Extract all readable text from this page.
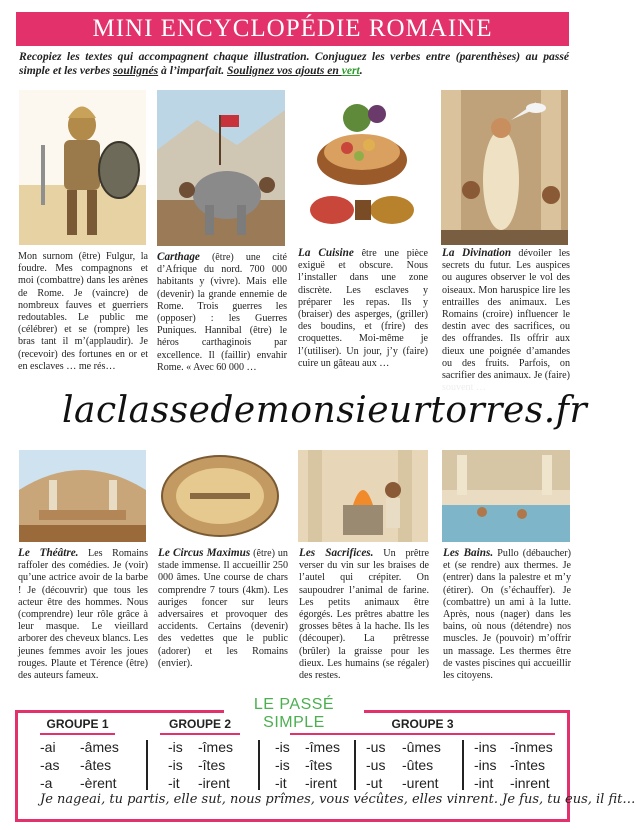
MINI ENCYCLOPÉDIE ROMAINE
Recopiez les textes qui accompagnent chaque illustration. Conjuguez les verbes entre (parenthèses) au passé simple et les verbes soulignés à l’imparfait. Soulignez vos ajouts en vert.
Mon surnom (être) Fulgur, la foudre. Mes compagnons et moi (combattre) dans les arènes de Rome. Je (vaincre) de nombreux fauves et guerriers redoutables. Le public me (célébrer) et se (rompre) les bras tant il m’(applaudir). Je (recevoir) des fortunes en or et en esclaves … me rés…
Carthage (être) une cité d’Afrique du nord. 700 000 habitants y (vivre). Mais elle (devenir) la grande ennemie de Rome. Trois guerres les (opposer) : les Guerres Puniques. Hannibal (être) le héros carthaginois par excellence. Il (faillir) envahir Rome. « Avec 60 000 …
La Cuisine être une pièce exiguë et obscure. Nous l’installer dans une zone discrète. Les esclaves y préparer les repas. Ils y (braiser) des asperges, (griller) des boudins, et (frire) des croquettes. Moi-même je l’(utiliser). Un jour, j’y (faire) cuire un gâteau aux …
La Divination dévoiler les secrets du futur. Les auspices ou augures observer le vol des oiseaux. Mon haruspice lire les entrailles des animaux. Les Romains (croire) influencer le destin avec des sacrifices, ou des offrandes. Ils offrir aux dieux une poignée d’amandes ou des fruits. Parfois, on sacrifier des animaux. Je (faire)
laclassedemonsieurtorres.fr
Le Théâtre. Les Romains raffoler des comédies. Je (voir) qu’une actrice avoir de la barbe ! Je (découvrir) que tous les acteur être des hommes. Nous (comprendre) leur rôle grâce à leur masque. Le vieillard arborer des cheveux blancs. Les jeunes femmes avoir les joues rouges. Plaute et Térence (être) des auteurs fameux.
Le Circus Maximus (être) un stade immense. Il accueillir 250 000 âmes. Une course de chars comprendre 7 tours (4km). Les auriges foncer sur leurs adversaires et provoquer des accidents. Certains (devenir) des vedettes que le public (adorer) et les Romains (envier).
Les Sacrifices. Un prêtre verser du vin sur les braises de l’autel qui crépiter. On saupoudrer l’animal de farine. Les petits animaux être égorgés. Les prêtres abattre les grosses bêtes à la hache. Ils les (découper). La prêtresse (brûler) la graisse pour les dieux. Les humains (se régaler) des restes.
Les Bains. Pullo (débaucher) et (se rendre) aux thermes. Je (entrer) dans la palestre et m’y (étirer). On (s’échauffer). Je (combattre) un ami à la lutte. Après, nous (nager) dans les bains, où nous (détendre) nos muscles. Je (pouvoir) m’offrir un massage. Les thermes être de vastes piscines qui accueillir les citoyens.
LE PASSÉ SIMPLE
GROUPE 1	GROUPE 2	GROUPE 3
-ai
-as
-a
-âmes
-âtes
-èrent
-is
-is
-it
-îmes
-îtes
-irent
-is
-is
-it
-îmes
-îtes
-irent
-us
-us
-ut
-ûmes
-ûtes
-urent
-ins
-ins
-int
-înmes
-întes
-inrent
Je nageai, tu partis, elle sut, nous prîmes, vous vécûtes, elles vinrent. Je fus, tu eus, il fit…
